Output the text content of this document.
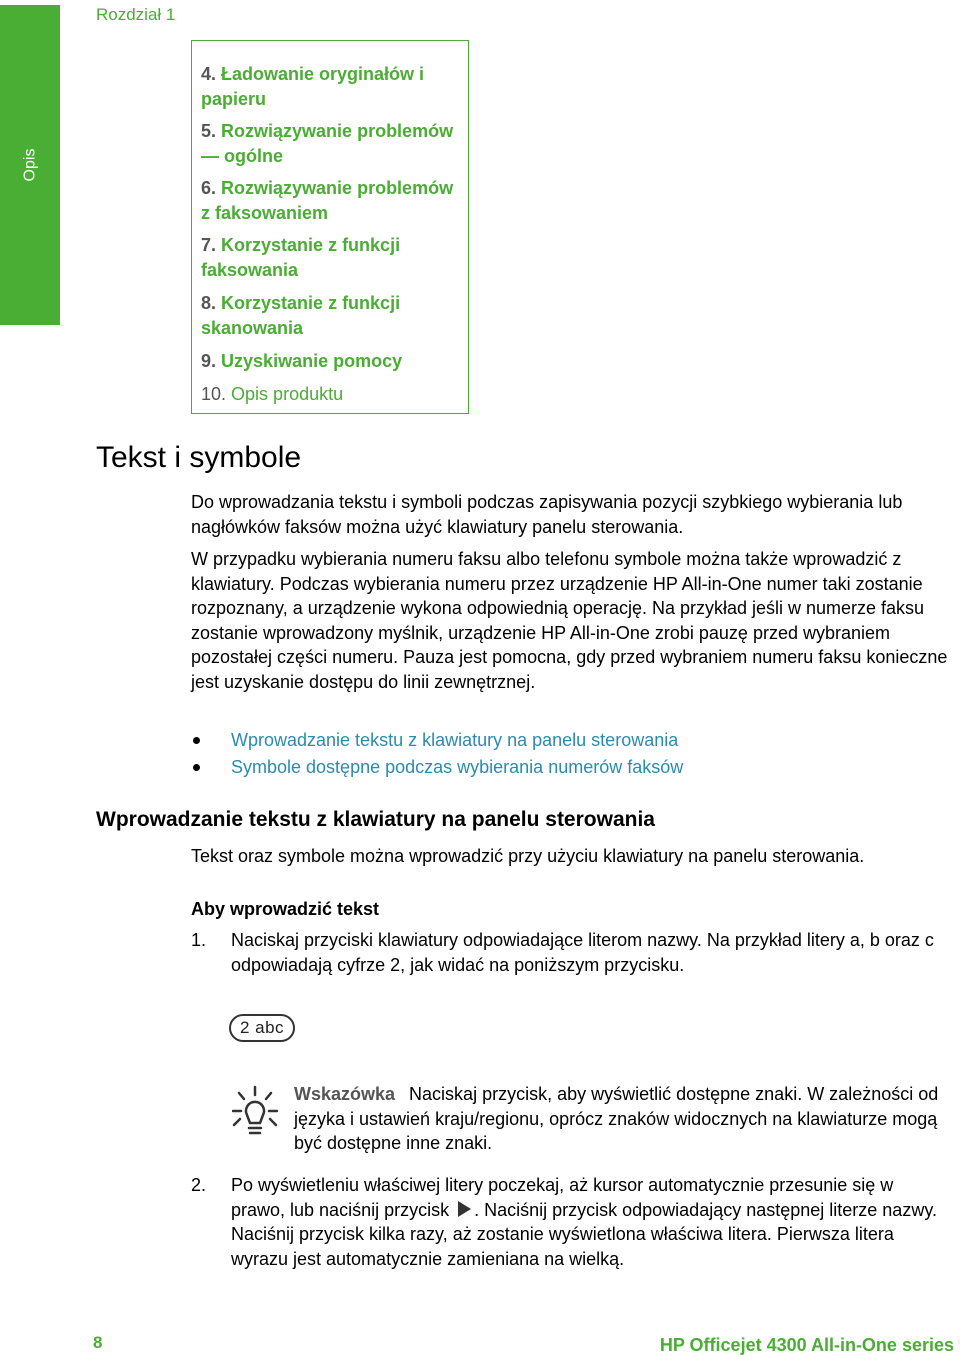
Rozdział 1
Opis
4. Ładowanie oryginałów i papieru
5. Rozwiązywanie problemów — ogólne
6. Rozwiązywanie problemów z faksowaniem
7. Korzystanie z funkcji faksowania
8. Korzystanie z funkcji skanowania
9. Uzyskiwanie pomocy
10. Opis produktu
Tekst i symbole

Do wprowadzania tekstu i symboli podczas zapisywania pozycji szybkiego wybierania lub nagłówków faksów można użyć klawiatury panelu sterowania.

W przypadku wybierania numeru faksu albo telefonu symbole można także wprowadzić z klawiatury. Podczas wybierania numeru przez urządzenie HP All-in-One numer taki zostanie rozpoznany, a urządzenie wykona odpowiednią operację. Na przykład jeśli w numerze faksu zostanie wprowadzony myślnik, urządzenie HP All-in-One zrobi pauzę przed wybraniem pozostałej części numeru. Pauza jest pomocna, gdy przed wybraniem numeru faksu konieczne jest uzyskanie dostępu do linii zewnętrznej.

Wprowadzanie tekstu z klawiatury na panelu sterowania
Symbole dostępne podczas wybierania numerów faksów
Wprowadzanie tekstu z klawiatury na panelu sterowania

Tekst oraz symbole można wprowadzić przy użyciu klawiatury na panelu sterowania.

Aby wprowadzić tekst
1. Naciskaj przyciski klawiatury odpowiadające literom nazwy. Na przykład litery a, b oraz c odpowiadają cyfrze 2, jak widać na poniższym przycisku.
2 abc
Wskazówka Naciskaj przycisk, aby wyświetlić dostępne znaki. W zależności od języka i ustawień kraju/regionu, oprócz znaków widocznych na klawiaturze mogą być dostępne inne znaki.
2. Po wyświetleniu właściwej litery poczekaj, aż kursor automatycznie przesunie się w prawo, lub naciśnij przycisk . Naciśnij przycisk odpowiadający następnej literze nazwy. Naciśnij przycisk kilka razy, aż zostanie wyświetlona właściwa litera. Pierwsza litera wyrazu jest automatycznie zamieniana na wielką.
8	HP Officejet 4300 All-in-One series
